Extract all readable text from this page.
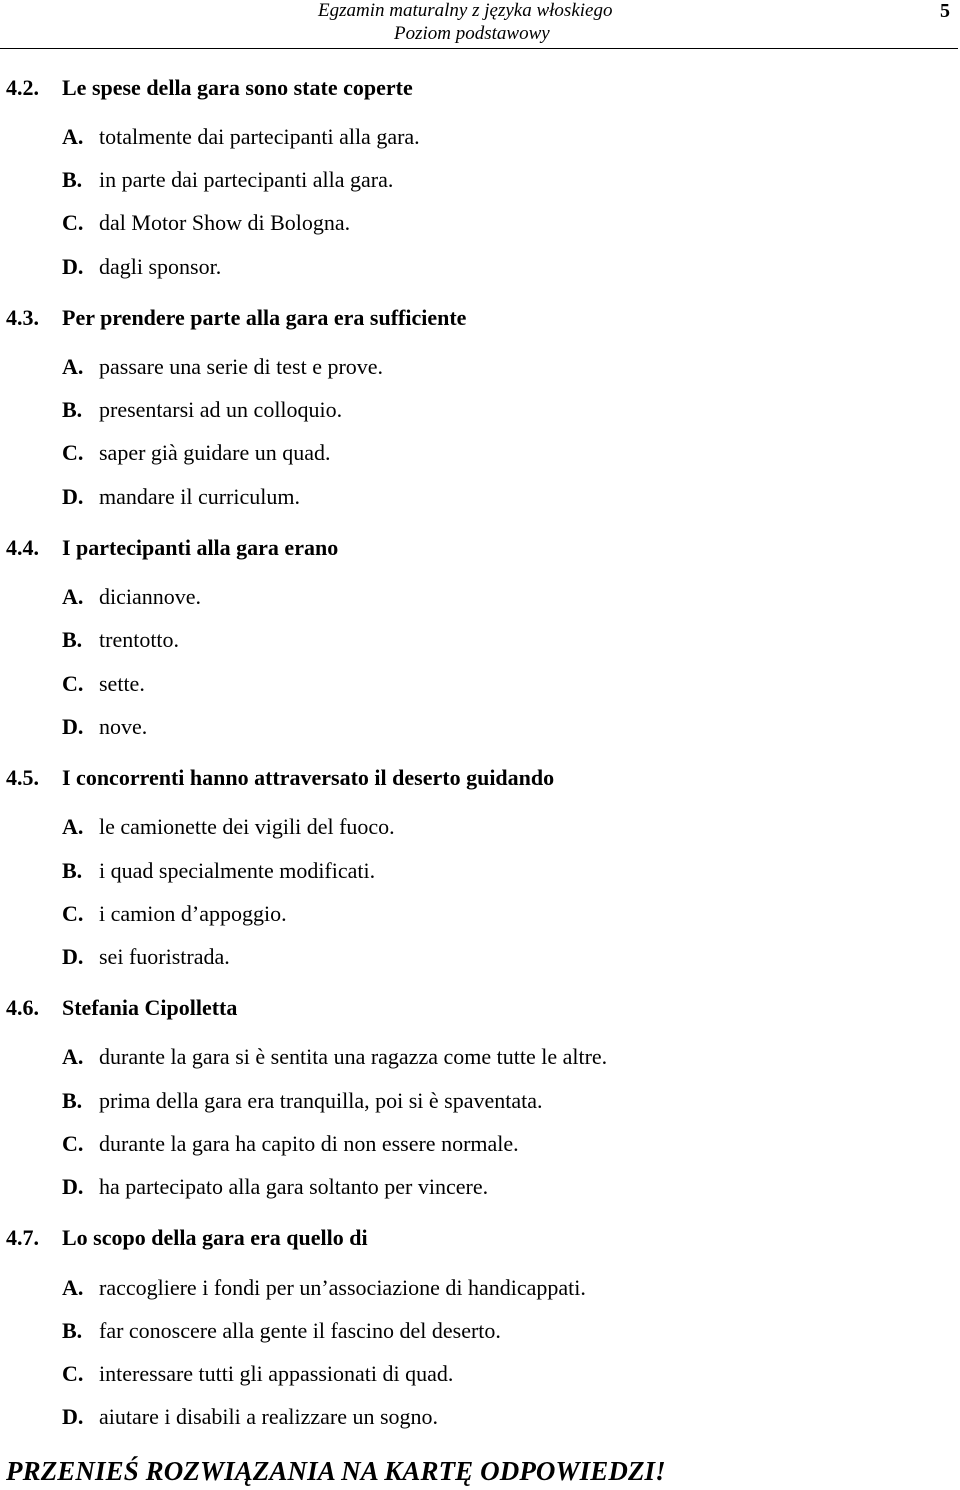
Egzamin maturalny z języka włoskiego
Poziom podstawowy
5
4.2.	Le spese della gara sono state coperte
A. totalmente dai partecipanti alla gara.
B. in parte dai partecipanti alla gara.
C. dal Motor Show di Bologna.
D. dagli sponsor.
4.3.	Per prendere parte alla gara era sufficiente
A. passare una serie di test e prove.
B. presentarsi ad un colloquio.
C. saper già guidare un quad.
D. mandare il curriculum.
4.4.	I partecipanti alla gara erano
A. diciannove.
B. trentotto.
C. sette.
D. nove.
4.5.	I concorrenti hanno attraversato il deserto guidando
A. le camionette dei vigili del fuoco.
B. i quad specialmente modificati.
C. i camion d’appoggio.
D. sei fuoristrada.
4.6.	Stefania Cipolletta
A. durante la gara si è sentita una ragazza come tutte le altre.
B. prima della gara era tranquilla, poi si è spaventata.
C. durante la gara ha capito di non essere normale.
D. ha partecipato alla gara soltanto per vincere.
4.7.	Lo scopo della gara era quello di
A. raccogliere i fondi per un’associazione di handicappati.
B. far conoscere alla gente il fascino del deserto.
C. interessare tutti gli appassionati di quad.
D. aiutare i disabili a realizzare un sogno.
PRZENIEŚ ROZWIĄZANIA NA KARTĘ ODPOWIEDZI!
